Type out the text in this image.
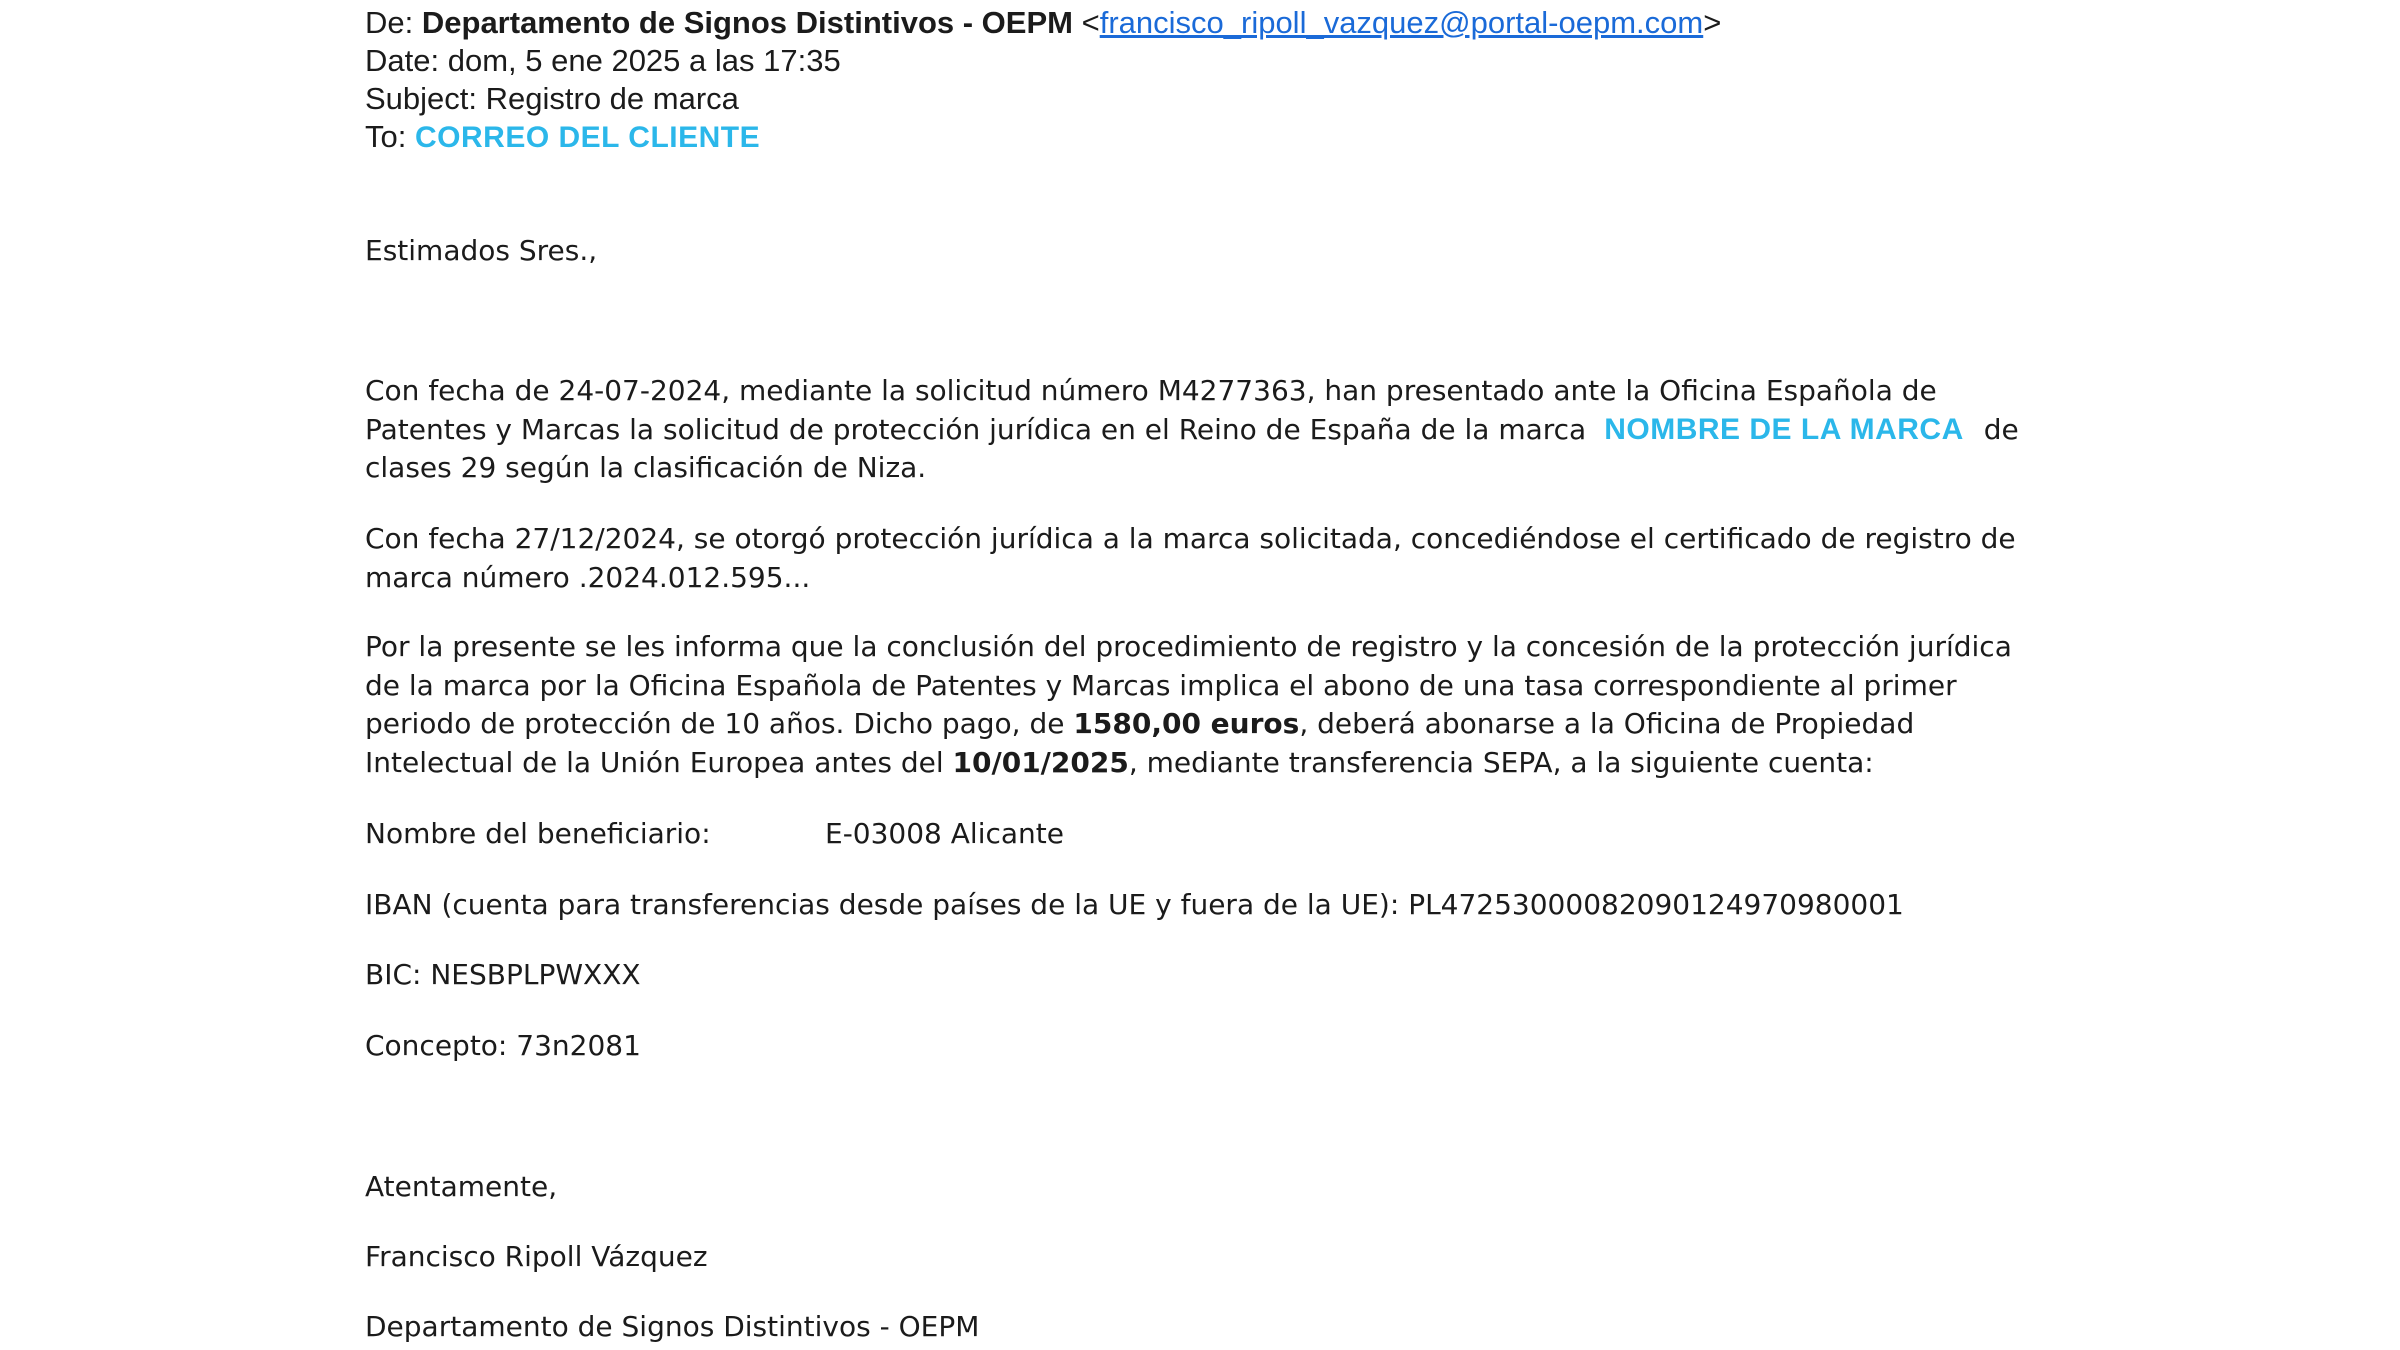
De: Departamento de Signos Distintivos - OEPM <francisco_ripoll_vazquez@portal-oepm.com>
Date: dom, 5 ene 2025 a las 17:35
Subject: Registro de marca
To: CORREO DEL CLIENTE

Estimados Sres.,

Con fecha de 24-07-2024, mediante la solicitud número M4277363, han presentado ante la Oficina Española de Patentes y Marcas la solicitud de protección jurídica en el Reino de España de la marca NOMBRE DE LA MARCA de clases 29 según la clasificación de Niza.

Con fecha 27/12/2024, se otorgó protección jurídica a la marca solicitada, concediéndose el certificado de registro de marca número .2024.012.595...

Por la presente se les informa que la conclusión del procedimiento de registro y la concesión de la protección jurídica de la marca por la Oficina Española de Patentes y Marcas implica el abono de una tasa correspondiente al primer periodo de protección de 10 años. Dicho pago, de 1580,00 euros, deberá abonarse a la Oficina de Propiedad Intelectual de la Unión Europea antes del 10/01/2025, mediante transferencia SEPA, a la siguiente cuenta:

Nombre del beneficiario:	E-03008 Alicante

IBAN (cuenta para transferencias desde países de la UE y fuera de la UE): PL47253000082090124970980001

BIC: NESBPLPWXXX

Concepto: 73n2081

Atentamente,

Francisco Ripoll Vázquez

Departamento de Signos Distintivos - OEPM
